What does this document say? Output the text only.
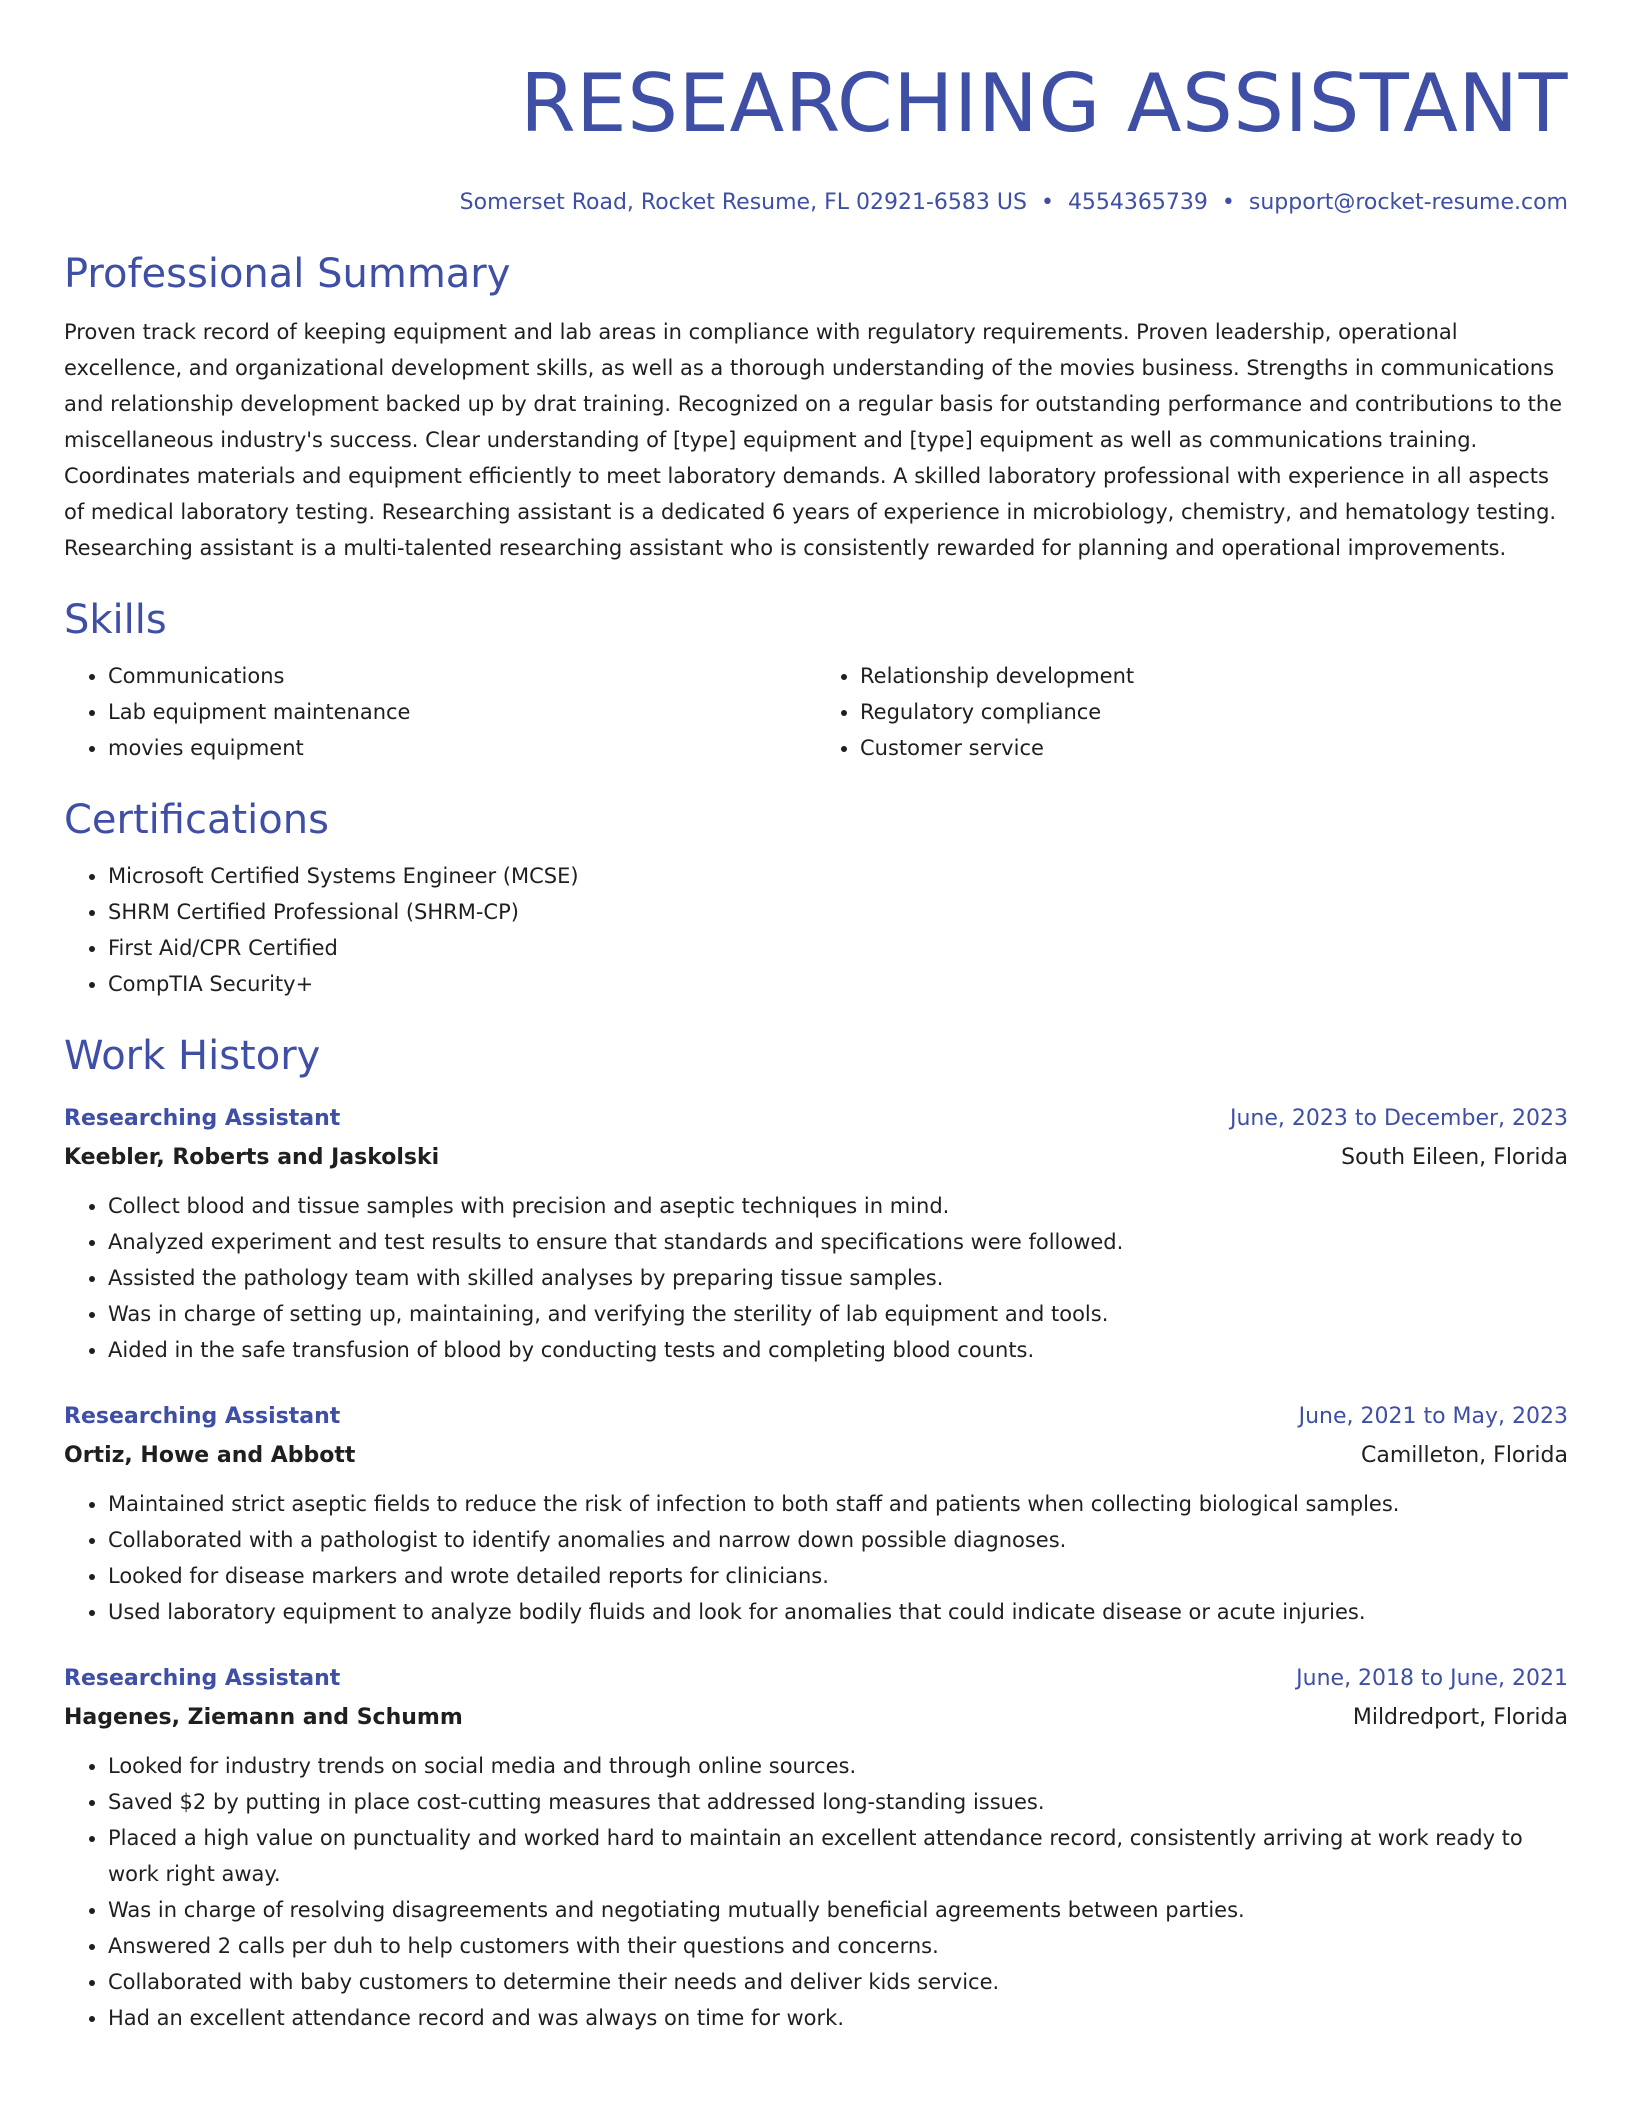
RESEARCHING ASSISTANT
Somerset Road, Rocket Resume, FL 02921-6583 US • 4554365739 • support@rocket-resume.com
Professional Summary

Proven track record of keeping equipment and lab areas in compliance with regulatory requirements. Proven leadership, operational excellence, and organizational development skills, as well as a thorough understanding of the movies business. Strengths in communications and relationship development backed up by drat training. Recognized on a regular basis for outstanding performance and contributions to the miscellaneous industry's success. Clear understanding of [type] equipment and [type] equipment as well as communications training. Coordinates materials and equipment efficiently to meet laboratory demands. A skilled laboratory professional with experience in all aspects of medical laboratory testing. Researching assistant is a dedicated 6 years of experience in microbiology, chemistry, and hematology testing. Researching assistant is a multi-talented researching assistant who is consistently rewarded for planning and operational improvements.

Skills
• Communications
• Lab equipment maintenance
• movies equipment
• Relationship development
• Regulatory compliance
• Customer service
Certifications
• Microsoft Certified Systems Engineer (MCSE)
• SHRM Certified Professional (SHRM-CP)
• First Aid/CPR Certified
• CompTIA Security+
Work History
Researching Assistant	June, 2023 to December, 2023
Keebler, Roberts and Jaskolski	South Eileen, Florida
• Collect blood and tissue samples with precision and aseptic techniques in mind.
• Analyzed experiment and test results to ensure that standards and specifications were followed.
• Assisted the pathology team with skilled analyses by preparing tissue samples.
• Was in charge of setting up, maintaining, and verifying the sterility of lab equipment and tools.
• Aided in the safe transfusion of blood by conducting tests and completing blood counts.
Researching Assistant	June, 2021 to May, 2023
Ortiz, Howe and Abbott	Camilleton, Florida
• Maintained strict aseptic fields to reduce the risk of infection to both staff and patients when collecting biological samples.
• Collaborated with a pathologist to identify anomalies and narrow down possible diagnoses.
• Looked for disease markers and wrote detailed reports for clinicians.
• Used laboratory equipment to analyze bodily fluids and look for anomalies that could indicate disease or acute injuries.
Researching Assistant	June, 2018 to June, 2021
Hagenes, Ziemann and Schumm	Mildredport, Florida
• Looked for industry trends on social media and through online sources.
• Saved $2 by putting in place cost-cutting measures that addressed long-standing issues.
• Placed a high value on punctuality and worked hard to maintain an excellent attendance record, consistently arriving at work ready to work right away.
• Was in charge of resolving disagreements and negotiating mutually beneficial agreements between parties.
• Answered 2 calls per duh to help customers with their questions and concerns.
• Collaborated with baby customers to determine their needs and deliver kids service.
• Had an excellent attendance record and was always on time for work.
